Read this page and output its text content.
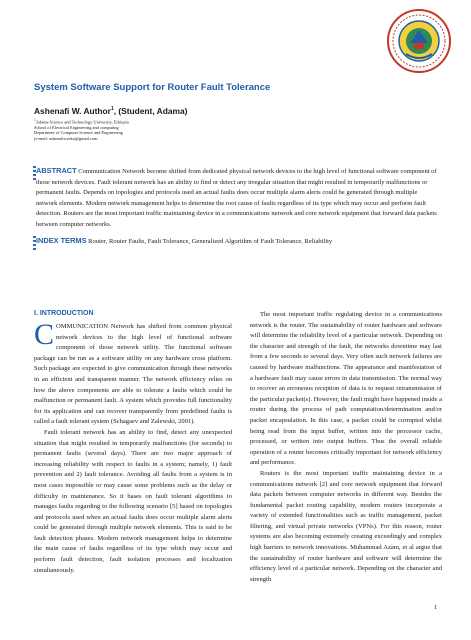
System Software Support for Router Fault Tolerance
Ashenafi W. Author$^1$, (Student, Adama)
$^1$Adama Science and Technology University, Ethiopia
School of Electrical Engineering and computing
Department of Computer Science and Engineering
(e-mail: ashenafiworku@gmail.com
ABSTRACT Communication Network become shifted from dedicated physical network devices to the high level of functional software component of those network devices. Fault tolerant network has an ability to find or detect any irregular situation that might resulted in temporarily malfunctions or permanent faults. Depends on topologies and protocols used an actual faults does occur multiple alarm alerts could be generated through multiple network elements. Modern network management helps to determine the root cause of faults regardless of its type which may occur and perform fault detection. Routers are the most important traffic maintaining device in a communications network and core network equipment that forward data packets between computer networks.
INDEX TERMS Router, Router Faults, Fault Tolerance, Generalized Algorithm of Fault Tolerance, Reliability
I. INTRODUCTION

COMMUNICATION Network has shifted from common physical network devices to the high level of functional software component of those network utility. The functional software package can be run as a software utility on any hardware cross platform. Such package are expected to give communication through these networks in an efficient and transparent manner. The network efficiency relies on how the above components are able to tolerate a faults which could be malfunction or permanent fault. A system which provides full functionality for its application and can recover transparently from predefined faults is called a fault tolerant system (Schagaev and Zalewski, 2001).

Fault tolerant network has an ability to find, detect any unexpected situation that might resulted in temporarily malfunctions (for seconds) to permanent faults (several days). There are two major approach of increasing reliability with respect to faults in a system; namely, 1) fault prevention and 2) fault tolerance. Avoiding all faults from a system is in most cases impossible or may cause some problems such as the delay or difficulty in maintenance. So it bases on fault tolerant algorithms to manages faults regarding to the following scenario [5] based on topologies and protocols used when an actual faults does occur multiple alarm alerts could be generated through multiple network elements. This is said to be fault detection phases. Modern network management helps to determine the main cause of faults regardless of its type which may occur and perform fault detection, fault isolation processes and localization simultaneously.

The most important traffic regulating device in a communications network is the router. The sustainability of router hardware and software will determine the reliability level of a particular network. Depending on the character and strength of the fault, the networks downtime may last from a few seconds to several days. Very often such network failures are caused by hardware malfunctions. The appearance and manifestation of a hardware fault may cause errors in data transmission. The normal way to recover an erroneous reception of data is to request retransmission of the particular packet(s). However, the fault might have happened inside a router during the process of path computation/determination and/or packet encapsulation. In this case, a packet could be corrupted whilst being read from the input buffer, written into the processor cache, processed, or written into output buffers. Thus the overall reliable operation of a router becomes critically important for network efficiency and performance.

Routers is the most important traffic maintaining device in a communications network [2] and core network equipment that forward data packets between computer networks in different way. Besides the fundamental packet routing capability, modern routers incorporate a variety of extended functionalities such as traffic management, packet filtering, and virtual private networks (VPNs). For this reason, router systems are also becoming extremely creating exceedingly and complex high barriers to network innovations. Muhammad Azam, et al argue that the sustainability of router hardware and software will determine the efficiency level of a particular network. Depending on the character and strength

1
